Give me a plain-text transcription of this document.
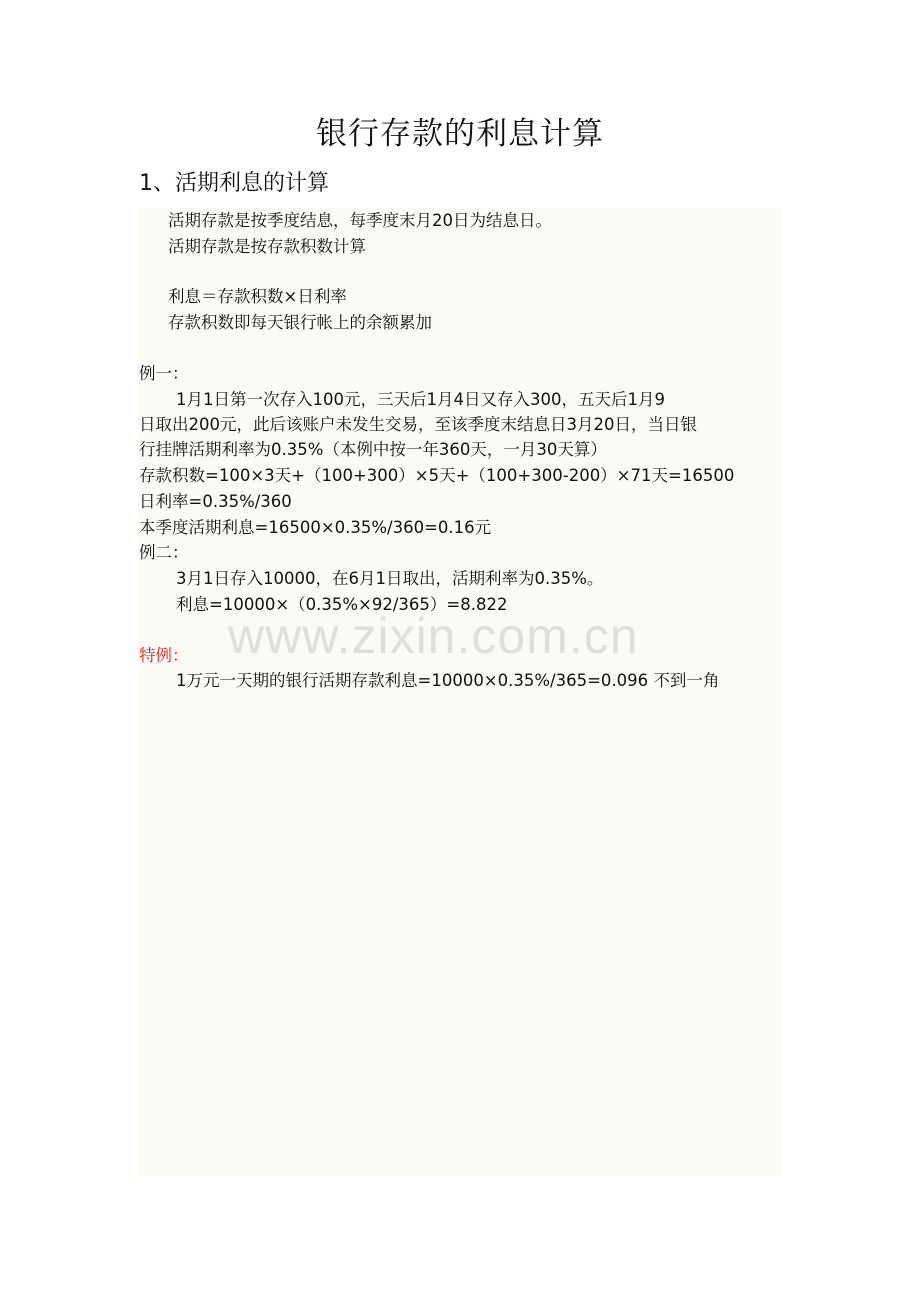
银行存款的利息计算
1、活期利息的计算
活期存款是按季度结息，每季度末月20日为结息日。
活期存款是按存款积数计算
利息＝存款积数×日利率
存款积数即每天银行帐上的余额累加
例一：
1月1日第一次存入100元，三天后1月4日又存入300，五天后1月9
日取出200元，此后该账户未发生交易，至该季度末结息日3月20日，当日银
行挂牌活期利率为0.35%（本例中按一年360天，一月30天算）
存款积数=100×3天+（100+300）×5天+（100+300-200）×71天=16500
日利率=0.35%/360
本季度活期利息=16500×0.35%/360=0.16元
例二：
3月1日存入10000，在6月1日取出，活期利率为0.35%。
利息=10000×（0.35%×92/365）=8.822
www.zixin.com.cn
特例：
1万元一天期的银行活期存款利息=10000×0.35%/365=0.096 不到一角
